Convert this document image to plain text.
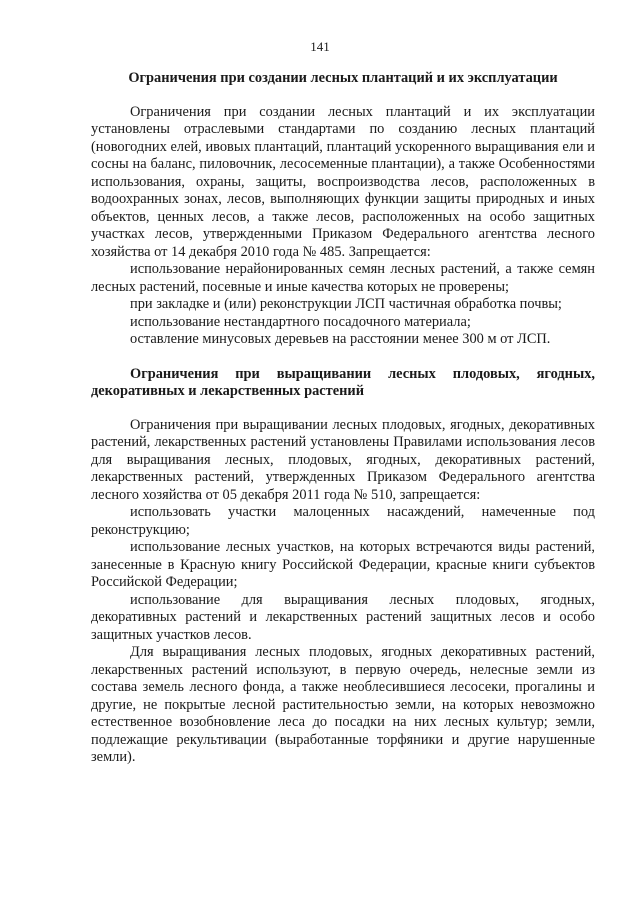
141

Ограничения при создании лесных плантаций и их эксплуатации

Ограничения при создании лесных плантаций и их эксплуатации установлены отраслевыми стандартами по созданию лесных плантаций (новогодних елей, ивовых плантаций, плантаций ускоренного выращивания ели и сосны на баланс, пиловочник, лесосеменные плантации), а также Особенностями использования, охраны, защиты, воспроизводства лесов, расположенных в водоохранных зонах, лесов, выполняющих функции защиты природных и иных объектов, ценных лесов, а также лесов, расположенных на особо защитных участках лесов, утвержденными Приказом Федерального агентства лесного хозяйства от 14 декабря 2010 года № 485. Запрещается:

использование нерайонированных семян лесных растений, а также семян лесных растений, посевные и иные качества которых не проверены;

при закладке и (или) реконструкции ЛСП частичная обработка почвы;

использование нестандартного посадочного материала;

оставление минусовых деревьев на расстоянии менее 300 м от ЛСП.

Ограничения при выращивании лесных плодовых, ягодных, декоративных и лекарственных растений

Ограничения при выращивании лесных плодовых, ягодных, декоративных растений, лекарственных растений установлены Правилами использования лесов для выращивания лесных, плодовых, ягодных, декоративных растений, лекарственных растений, утвержденных Приказом Федерального агентства лесного хозяйства от 05 декабря 2011 года № 510, запрещается:

использовать участки малоценных насаждений, намеченные под реконструкцию;

использование лесных участков, на которых встречаются виды растений, занесенные в Красную книгу Российской Федерации, красные книги субъектов Российской Федерации;

использование для выращивания лесных плодовых, ягодных, декоративных растений и лекарственных растений защитных лесов и особо защитных участков лесов.

Для выращивания лесных плодовых, ягодных декоративных растений, лекарственных растений используют, в первую очередь, нелесные земли из состава земель лесного фонда, а также необлесившиеся лесосеки, прогалины и другие, не покрытые лесной растительностью земли, на которых невозможно естественное возобновление леса до посадки на них лесных культур; земли, подлежащие рекультивации (выработанные торфяники и другие нарушенные земли).
